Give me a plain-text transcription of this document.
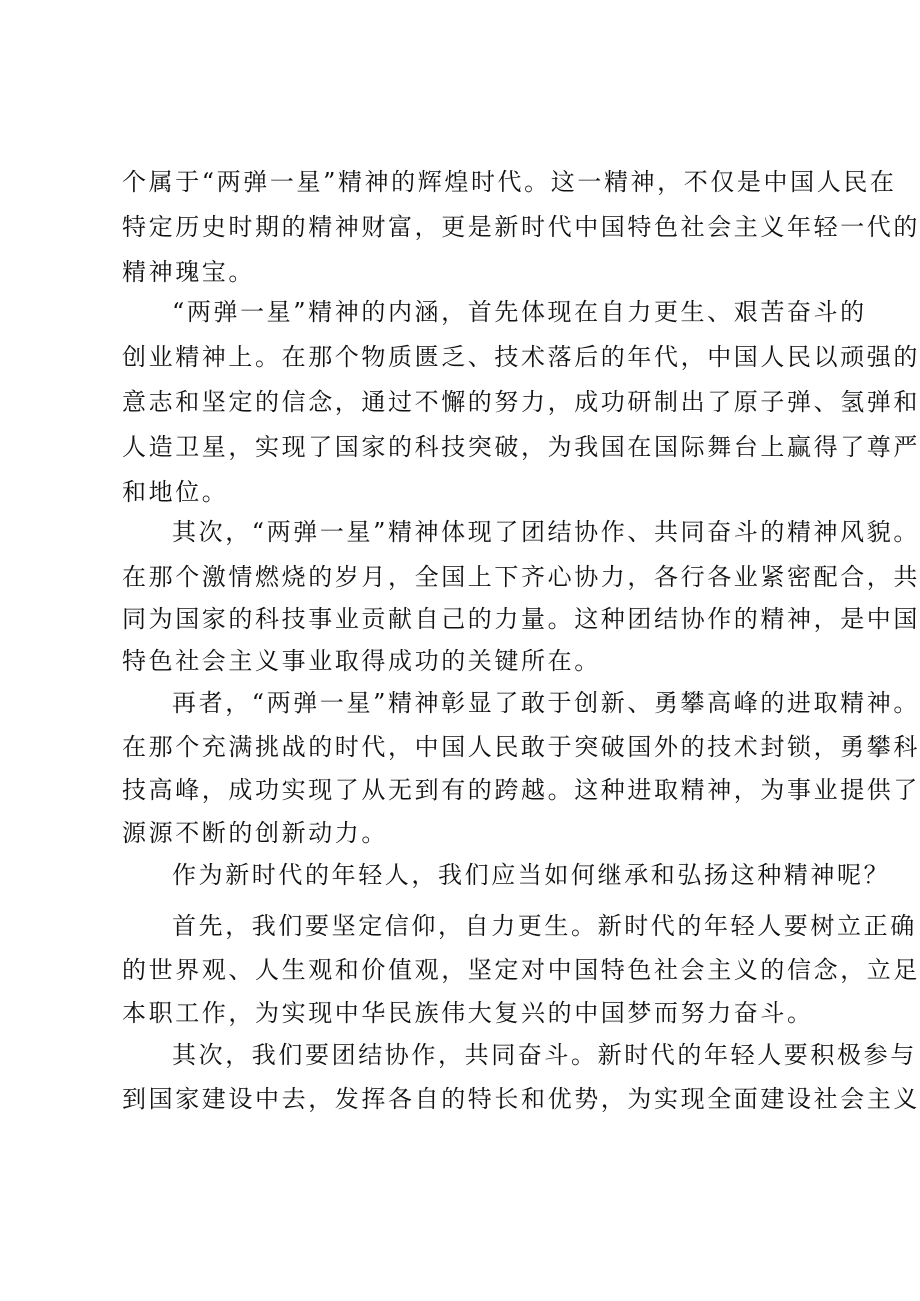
个属于“两弹一星”精神的辉煌时代。这一精神，不仅是中国人民在
特定历史时期的精神财富，更是新时代中国特色社会主义年轻一代的
精神瑰宝。
“两弹一星”精神的内涵，首先体现在自力更生、艰苦奋斗的
创业精神上。在那个物质匮乏、技术落后的年代，中国人民以顽强的
意志和坚定的信念，通过不懈的努力，成功研制出了原子弹、氢弹和
人造卫星，实现了国家的科技突破，为我国在国际舞台上赢得了尊严
和地位。
其次，“两弹一星”精神体现了团结协作、共同奋斗的精神风貌。
在那个激情燃烧的岁月，全国上下齐心协力，各行各业紧密配合，共
同为国家的科技事业贡献自己的力量。这种团结协作的精神，是中国
特色社会主义事业取得成功的关键所在。
再者，“两弹一星”精神彰显了敢于创新、勇攀高峰的进取精神。
在那个充满挑战的时代，中国人民敢于突破国外的技术封锁，勇攀科
技高峰，成功实现了从无到有的跨越。这种进取精神，为事业提供了
源源不断的创新动力。
作为新时代的年轻人，我们应当如何继承和弘扬这种精神呢？
首先，我们要坚定信仰，自力更生。新时代的年轻人要树立正确
的世界观、人生观和价值观，坚定对中国特色社会主义的信念，立足
本职工作，为实现中华民族伟大复兴的中国梦而努力奋斗。
其次，我们要团结协作，共同奋斗。新时代的年轻人要积极参与
到国家建设中去，发挥各自的特长和优势，为实现全面建设社会主义
